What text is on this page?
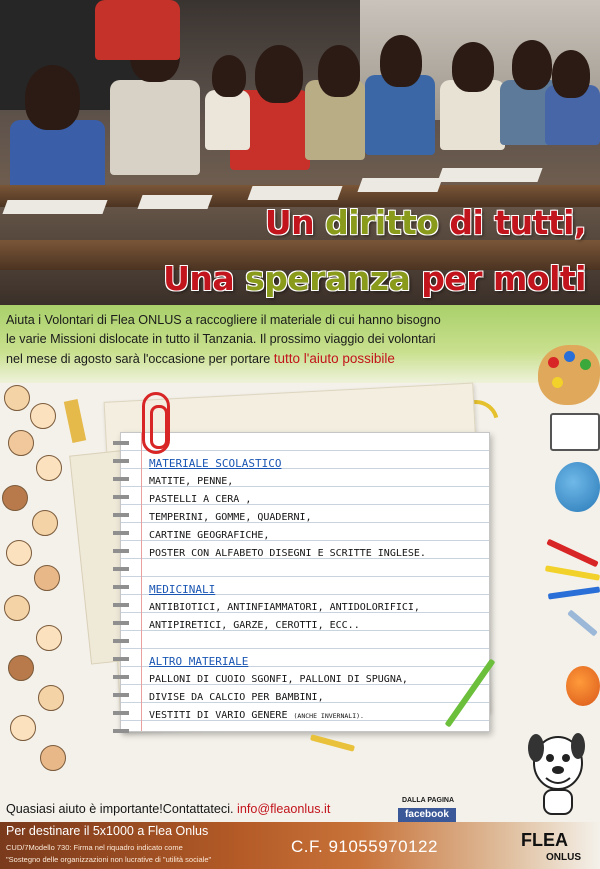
Un diritto di tutti,
Una speranza per molti
Aiuta i Volontari di Flea ONLUS a raccogliere il materiale di cui hanno bisogno
le varie Missioni dislocate in tutto il Tanzania. Il prossimo viaggio dei volontari
nel mese di agosto sarà l'occasione per portare tutto l'aiuto possibile
MATERIALE SCOLASTICO
MATITE, PENNE,
PASTELLI A CERA ,
TEMPERINI, GOMME, QUADERNI,
CARTINE GEOGRAFICHE,
POSTER CON ALFABETO DISEGNI E SCRITTE INGLESE.
MEDICINALI
ANTIBIOTICI, ANTINFIAMMATORI, ANTIDOLORIFICI,
ANTIPIRETICI, GARZE, CEROTTI, ECC..
ALTRO MATERIALE
PALLONI DI CUOIO SGONFI, PALLONI DI SPUGNA,
DIVISE DA CALCIO PER BAMBINI,
VESTITI DI VARIO GENERE (ANCHE INVERNALI).
Quasiasi aiuto è importante!Contattateci. info@fleaonlus.it
DALLA PAGINA
facebook
Per destinare il 5x1000 a Flea Onlus
CUD/7Modello 730: Firma nel riquadro indicato come
"Sostegno delle organizzazioni non lucrative di "utilità sociale"
C.F. 91055970122	FLEA
ONLUS
